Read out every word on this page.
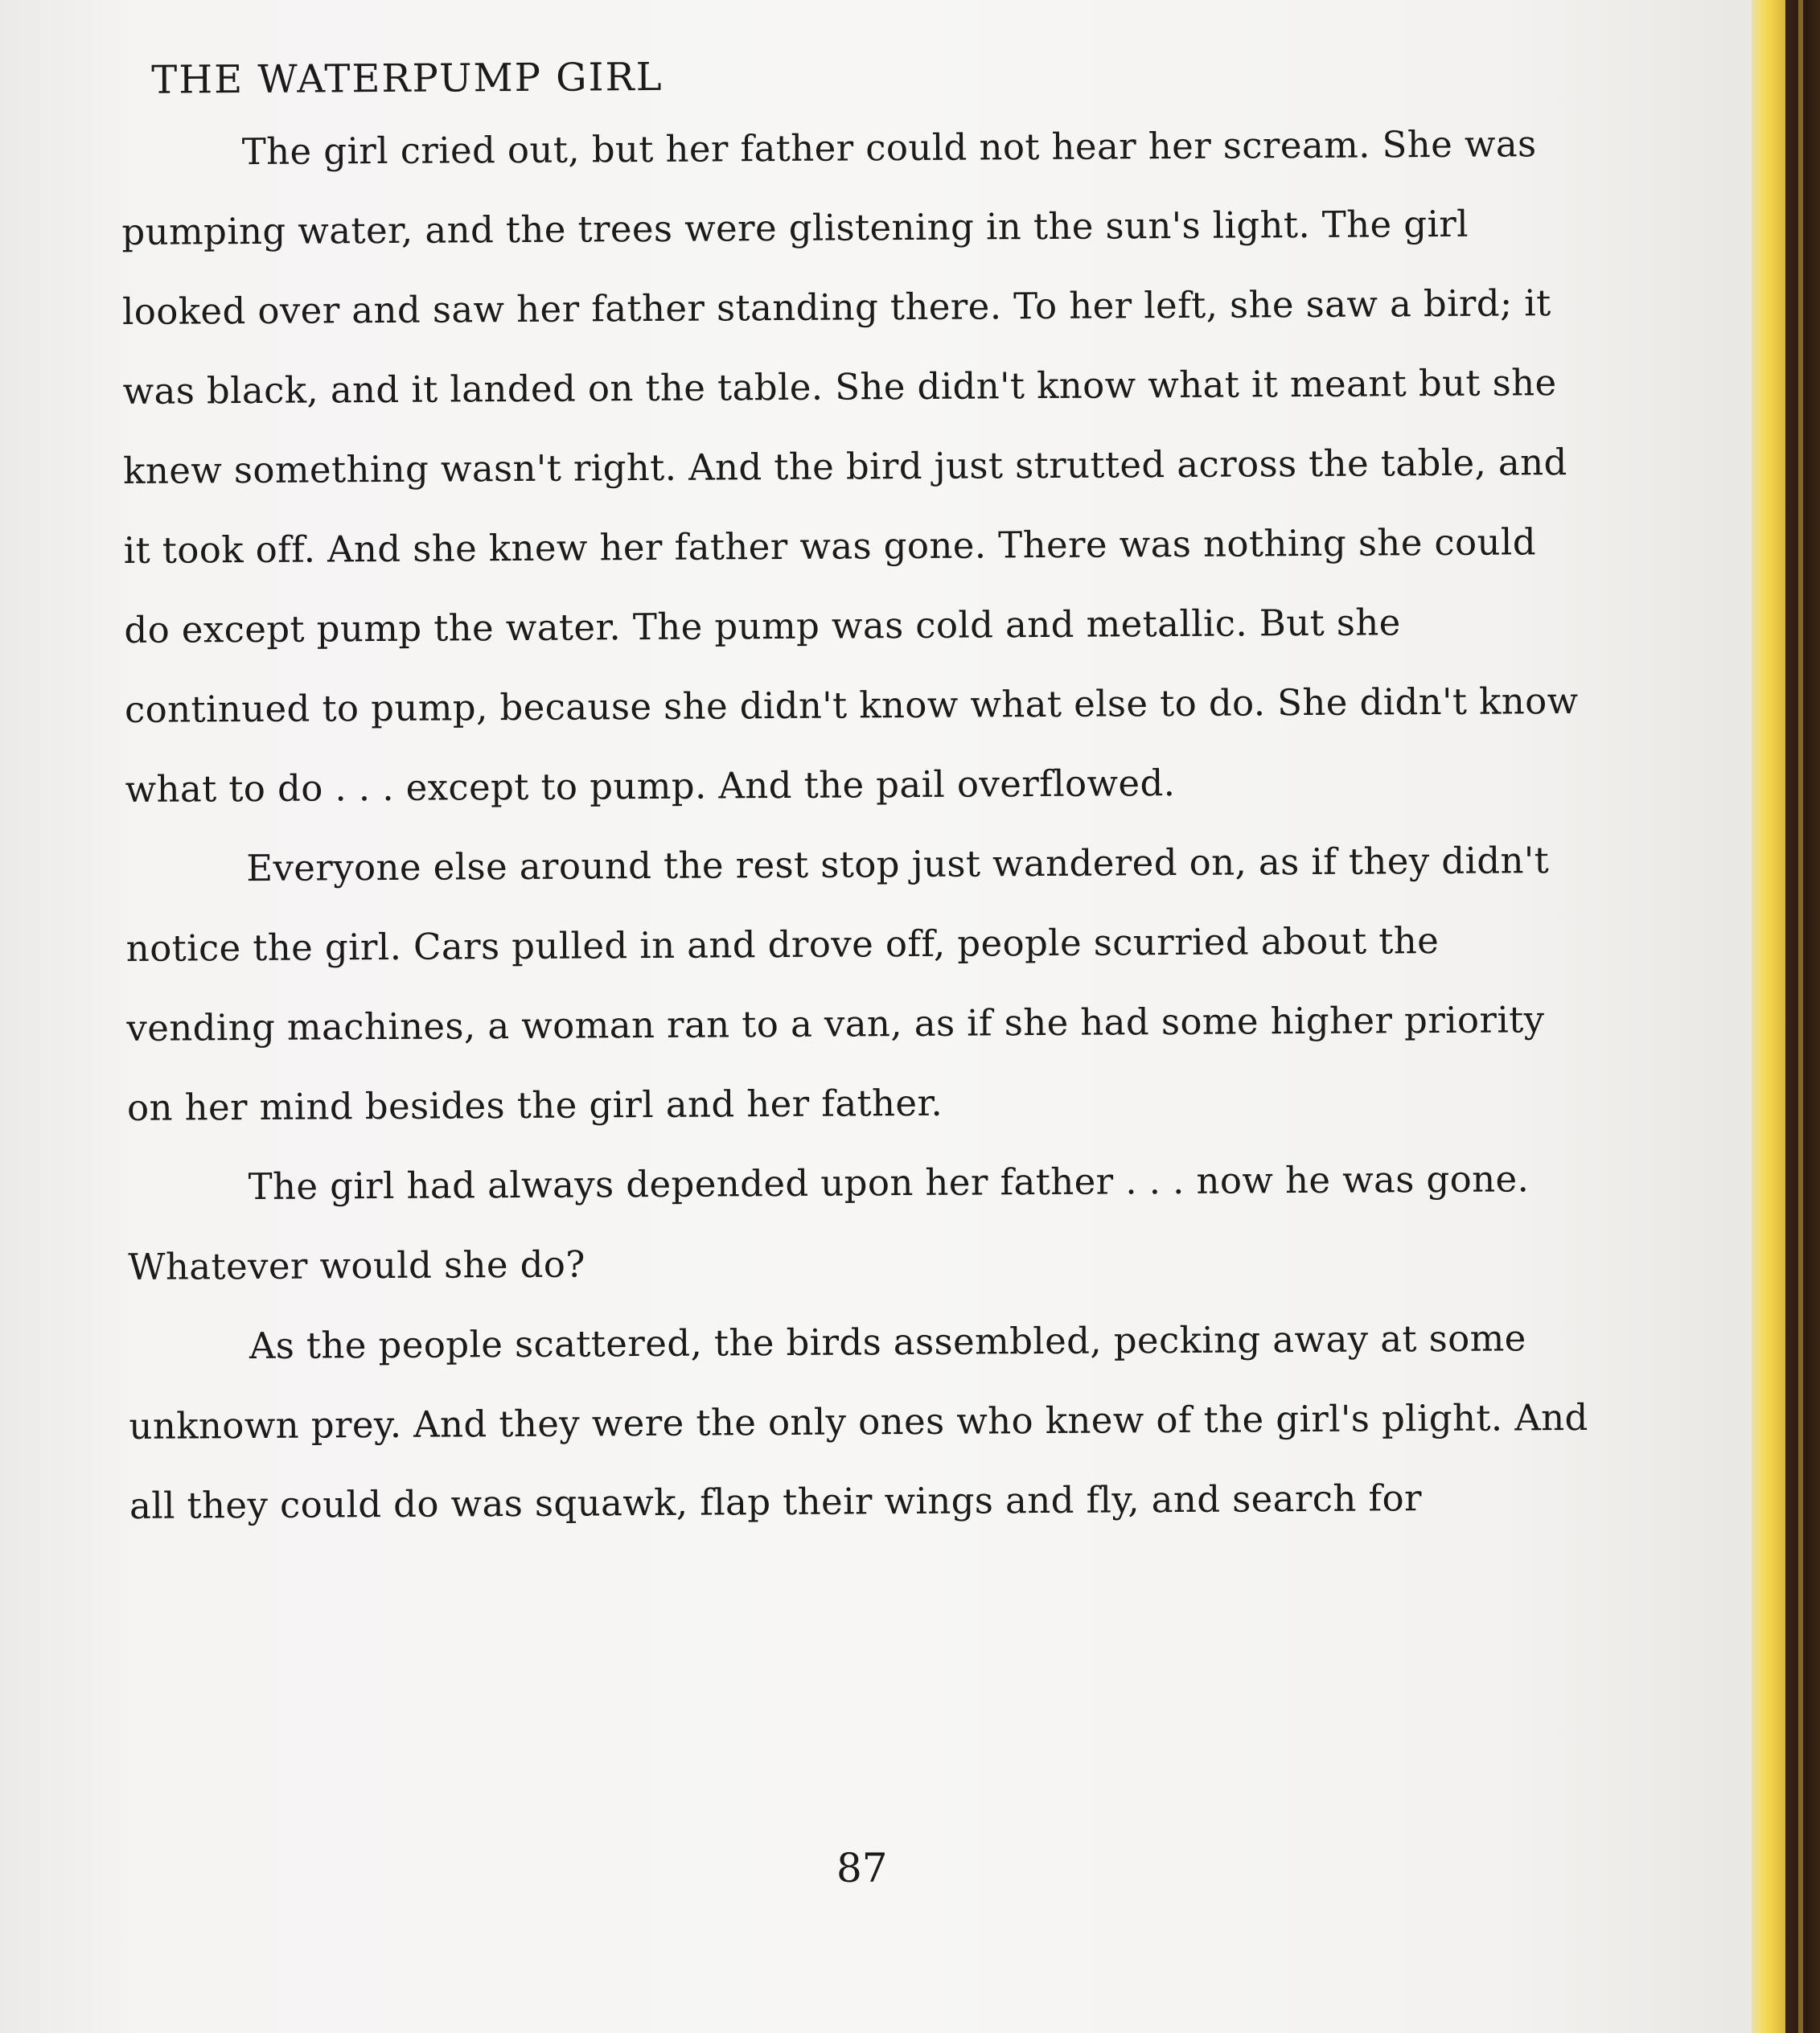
THE WATERPUMP GIRL

The girl cried out, but her father could not hear her scream. She was pumping water, and the trees were glistening in the sun's light. The girl looked over and saw her father standing there. To her left, she saw a bird; it was black, and it landed on the table. She didn't know what it meant but she knew something wasn't right. And the bird just strutted across the table, and it took off. And she knew her father was gone. There was nothing she could do except pump the water. The pump was cold and metallic. But she continued to pump, because she didn't know what else to do. She didn't know what to do . . . except to pump. And the pail overflowed.

Everyone else around the rest stop just wandered on, as if they didn't notice the girl. Cars pulled in and drove off, people scurried about the vending machines, a woman ran to a van, as if she had some higher priority on her mind besides the girl and her father.

The girl had always depended upon her father . . . now he was gone. Whatever would she do?

As the people scattered, the birds assembled, pecking away at some unknown prey. And they were the only ones who knew of the girl's plight. And all they could do was squawk, flap their wings and fly, and search for

87
